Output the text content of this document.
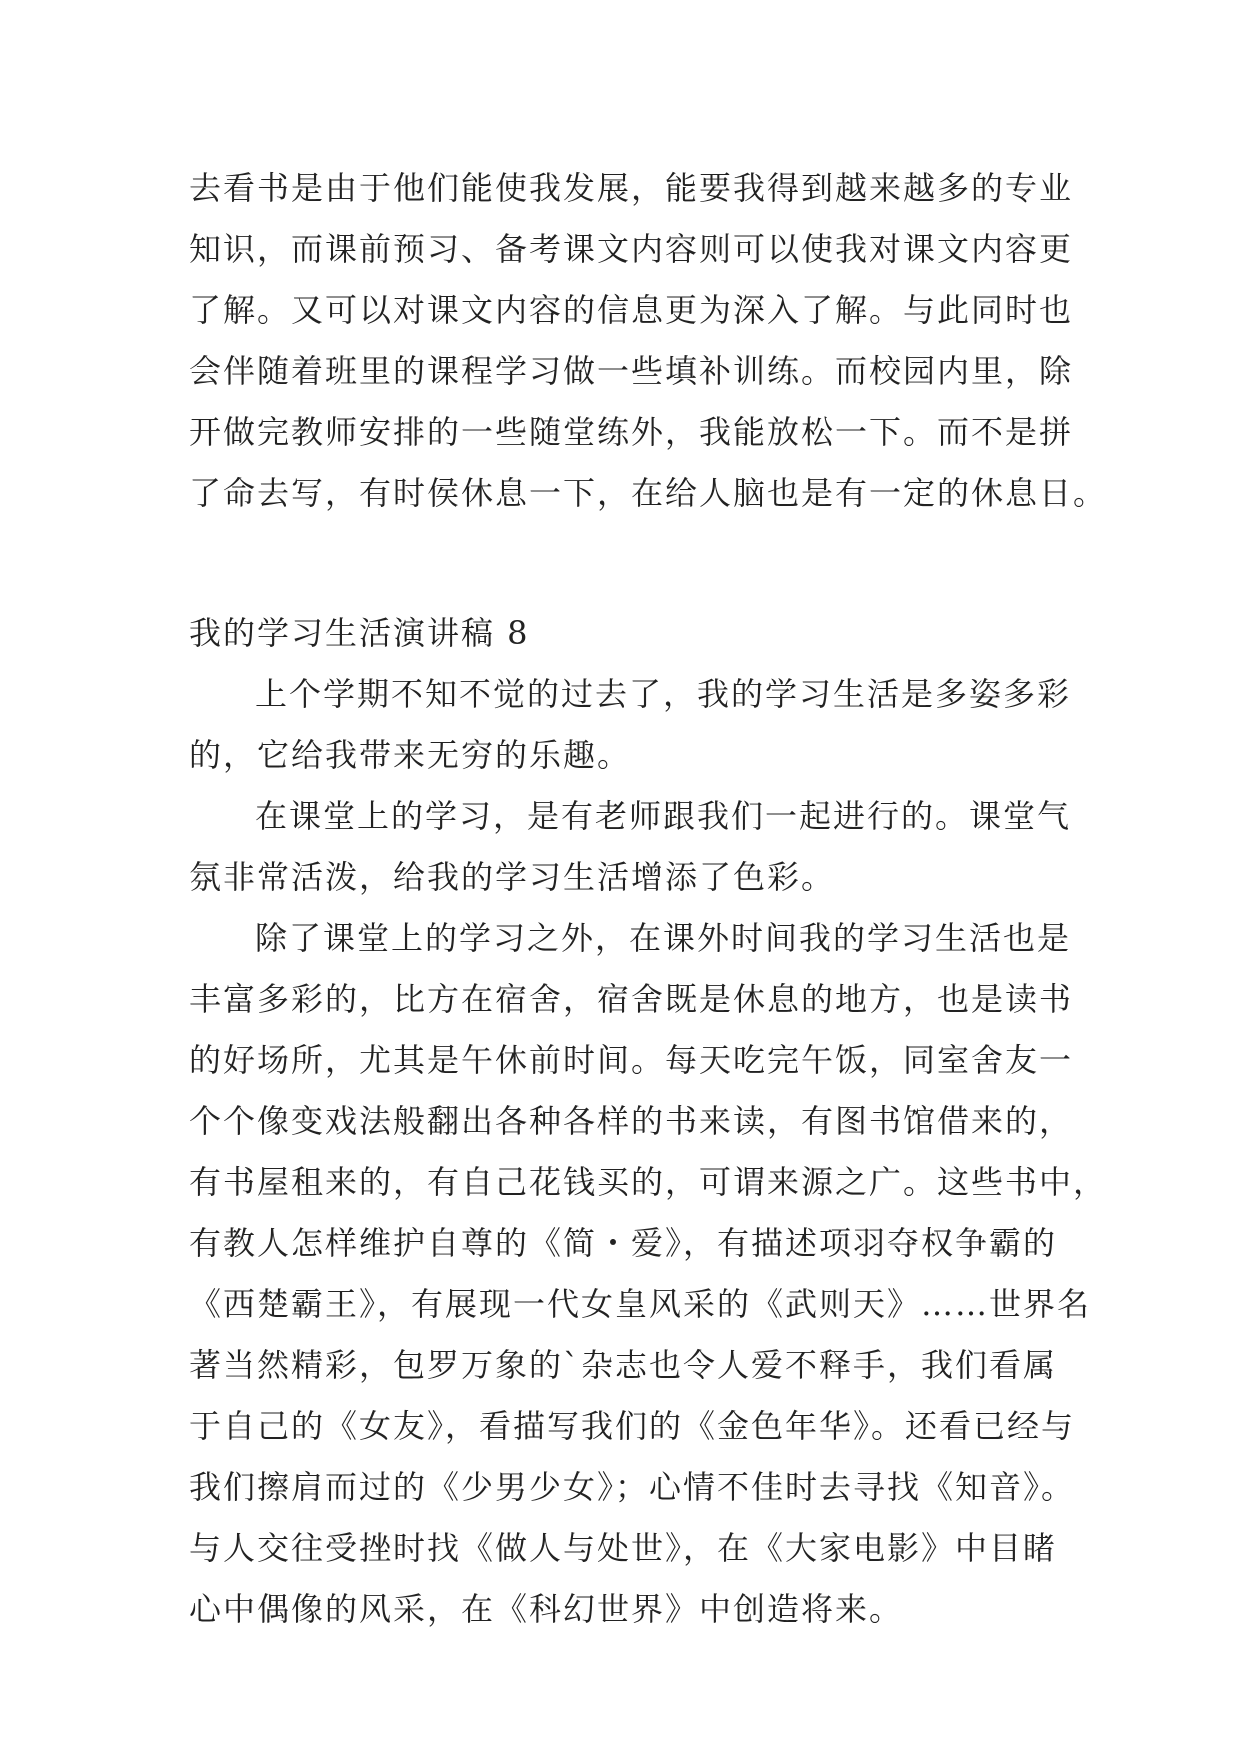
去看书是由于他们能使我发展，能要我得到越来越多的专业
知识，而课前预习、备考课文内容则可以使我对课文内容更
了解。又可以对课文内容的信息更为深入了解。与此同时也
会伴随着班里的课程学习做一些填补训练。而校园内里，除
开做完教师安排的一些随堂练外，我能放松一下。而不是拼
了命去写，有时侯休息一下，在给人脑也是有一定的休息日。
我的学习生活演讲稿 8
上个学期不知不觉的过去了，我的学习生活是多姿多彩
的，它给我带来无穷的乐趣。
在课堂上的学习，是有老师跟我们一起进行的。课堂气
氛非常活泼，给我的学习生活增添了色彩。
除了课堂上的学习之外，在课外时间我的学习生活也是
丰富多彩的，比方在宿舍，宿舍既是休息的地方，也是读书
的好场所，尤其是午休前时间。每天吃完午饭，同室舍友一
个个像变戏法般翻出各种各样的书来读，有图书馆借来的，
有书屋租来的，有自己花钱买的，可谓来源之广。这些书中，
有教人怎样维护自尊的《简・爱》，有描述项羽夺权争霸的
《西楚霸王》，有展现一代女皇风采的《武则天》……世界名
著当然精彩，包罗万象的`杂志也令人爱不释手，我们看属
于自己的《女友》，看描写我们的《金色年华》。还看已经与
我们擦肩而过的《少男少女》；心情不佳时去寻找《知音》。
与人交往受挫时找《做人与处世》，在《大家电影》中目睹
心中偶像的风采，在《科幻世界》中创造将来。
